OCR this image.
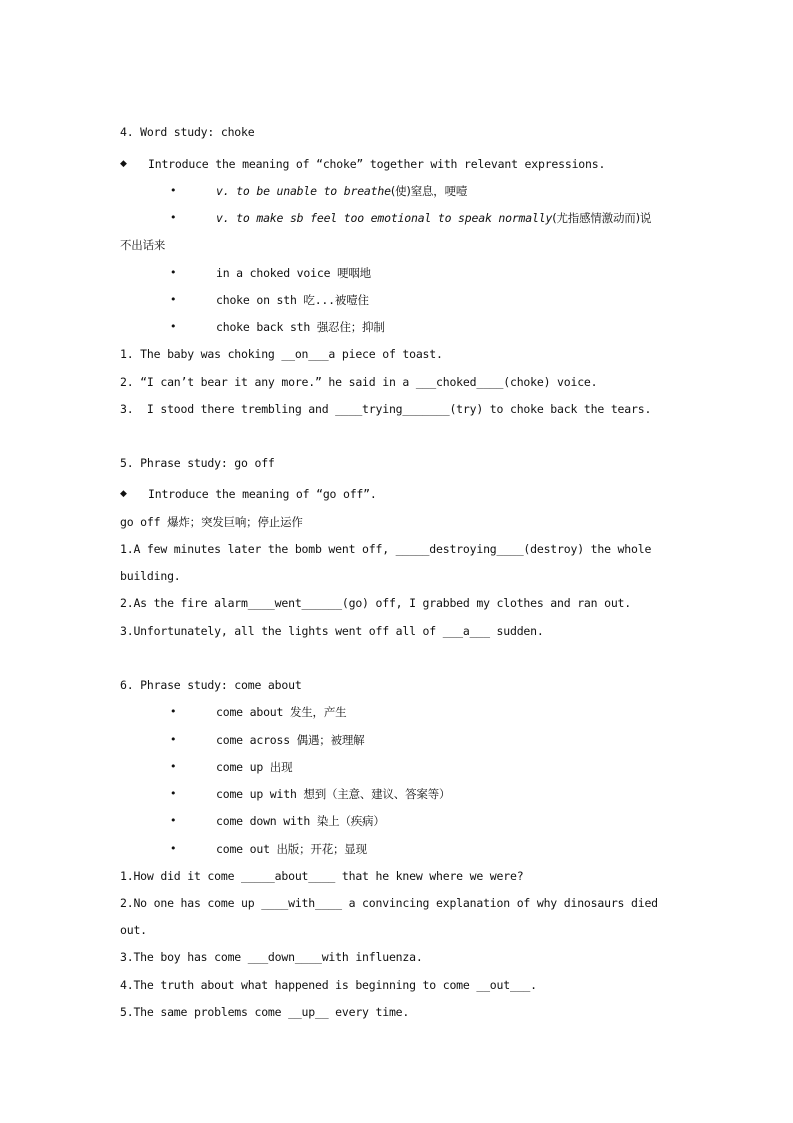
4. Word study: choke
◆ Introduce the meaning of “choke” together with relevant expressions.
•	v. to be unable to breathe(使)窒息，哽噎
•	v. to make sb feel too emotional to speak normally(尤指感情激动而)说
不出话来
•	in a choked voice 哽咽地
•	choke on sth 吃...被噎住
•	choke back sth 强忍住；抑制
1. The baby was choking __on___a piece of toast.
2. “I can’t bear it any more.” he said in a ___choked____(choke) voice.
3.  I stood there trembling and ____trying_______(try) to choke back the tears.
5. Phrase study: go off
◆ Introduce the meaning of “go off”.
go off 爆炸；突发巨响；停止运作
1.A few minutes later the bomb went off, _____destroying____(destroy) the whole
building.
2.As the fire alarm____went______(go) off, I grabbed my clothes and ran out.
3.Unfortunately, all the lights went off all of ___a___ sudden.
6. Phrase study: come about
•	come about 发生，产生
•	come across 偶遇；被理解
•	come up 出现
•	come up with 想到（主意、建议、答案等）
•	come down with 染上（疾病）
•	come out 出版；开花；显现
1.How did it come _____about____ that he knew where we were?
2.No one has come up ____with____ a convincing explanation of why dinosaurs died
out.
3.The boy has come ___down____with influenza.
4.The truth about what happened is beginning to come __out___.
5.The same problems come __up__ every time.
